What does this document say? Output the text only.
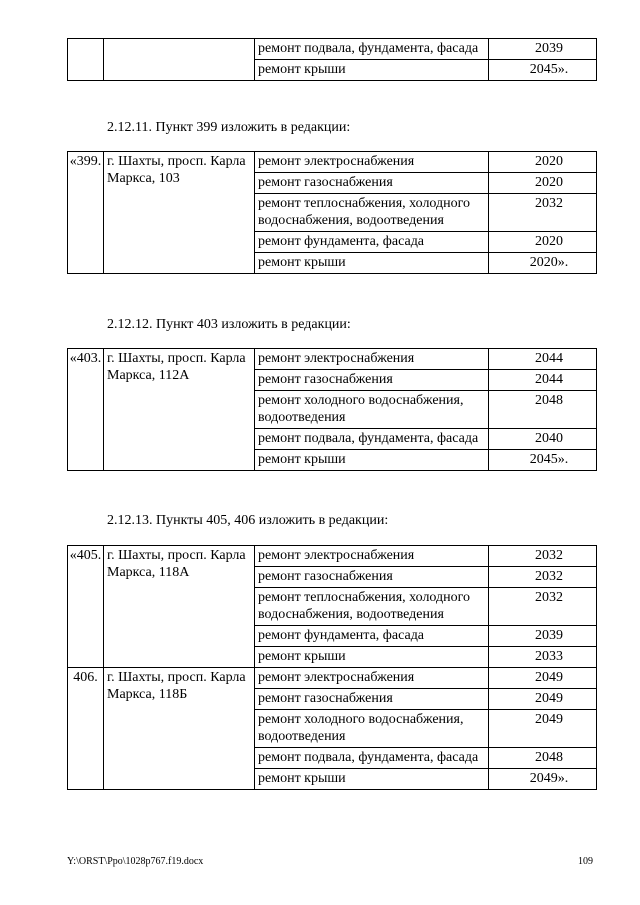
		ремонт подвала, фундамента, фасада	2039
		ремонт крыши	2045».
2.12.11. Пункт 399 изложить в редакции:
«399.	г. Шахты, просп. Карла Маркса, 103	ремонт электроснабжения	2020
		ремонт газоснабжения	2020
		ремонт теплоснабжения, холодного водоснабжения, водоотведения	2032
		ремонт фундамента, фасада	2020
		ремонт крыши	2020».
2.12.12. Пункт 403 изложить в редакции:
«403.	г. Шахты, просп. Карла Маркса, 112А	ремонт электроснабжения	2044
		ремонт газоснабжения	2044
		ремонт холодного водоснабжения, водоотведения	2048
		ремонт подвала, фундамента, фасада	2040
		ремонт крыши	2045».
2.12.13. Пункты 405, 406 изложить в редакции:
«405.	г. Шахты, просп. Карла Маркса, 118А	ремонт электроснабжения	2032
		ремонт газоснабжения	2032
		ремонт теплоснабжения, холодного водоснабжения, водоотведения	2032
		ремонт фундамента, фасада	2039
		ремонт крыши	2033
406.	г. Шахты, просп. Карла Маркса, 118Б	ремонт электроснабжения	2049
		ремонт газоснабжения	2049
		ремонт холодного водоснабжения, водоотведения	2049
		ремонт подвала, фундамента, фасада	2048
		ремонт крыши	2049».
Y:\ORST\Ppo\1028p767.f19.docx	109
